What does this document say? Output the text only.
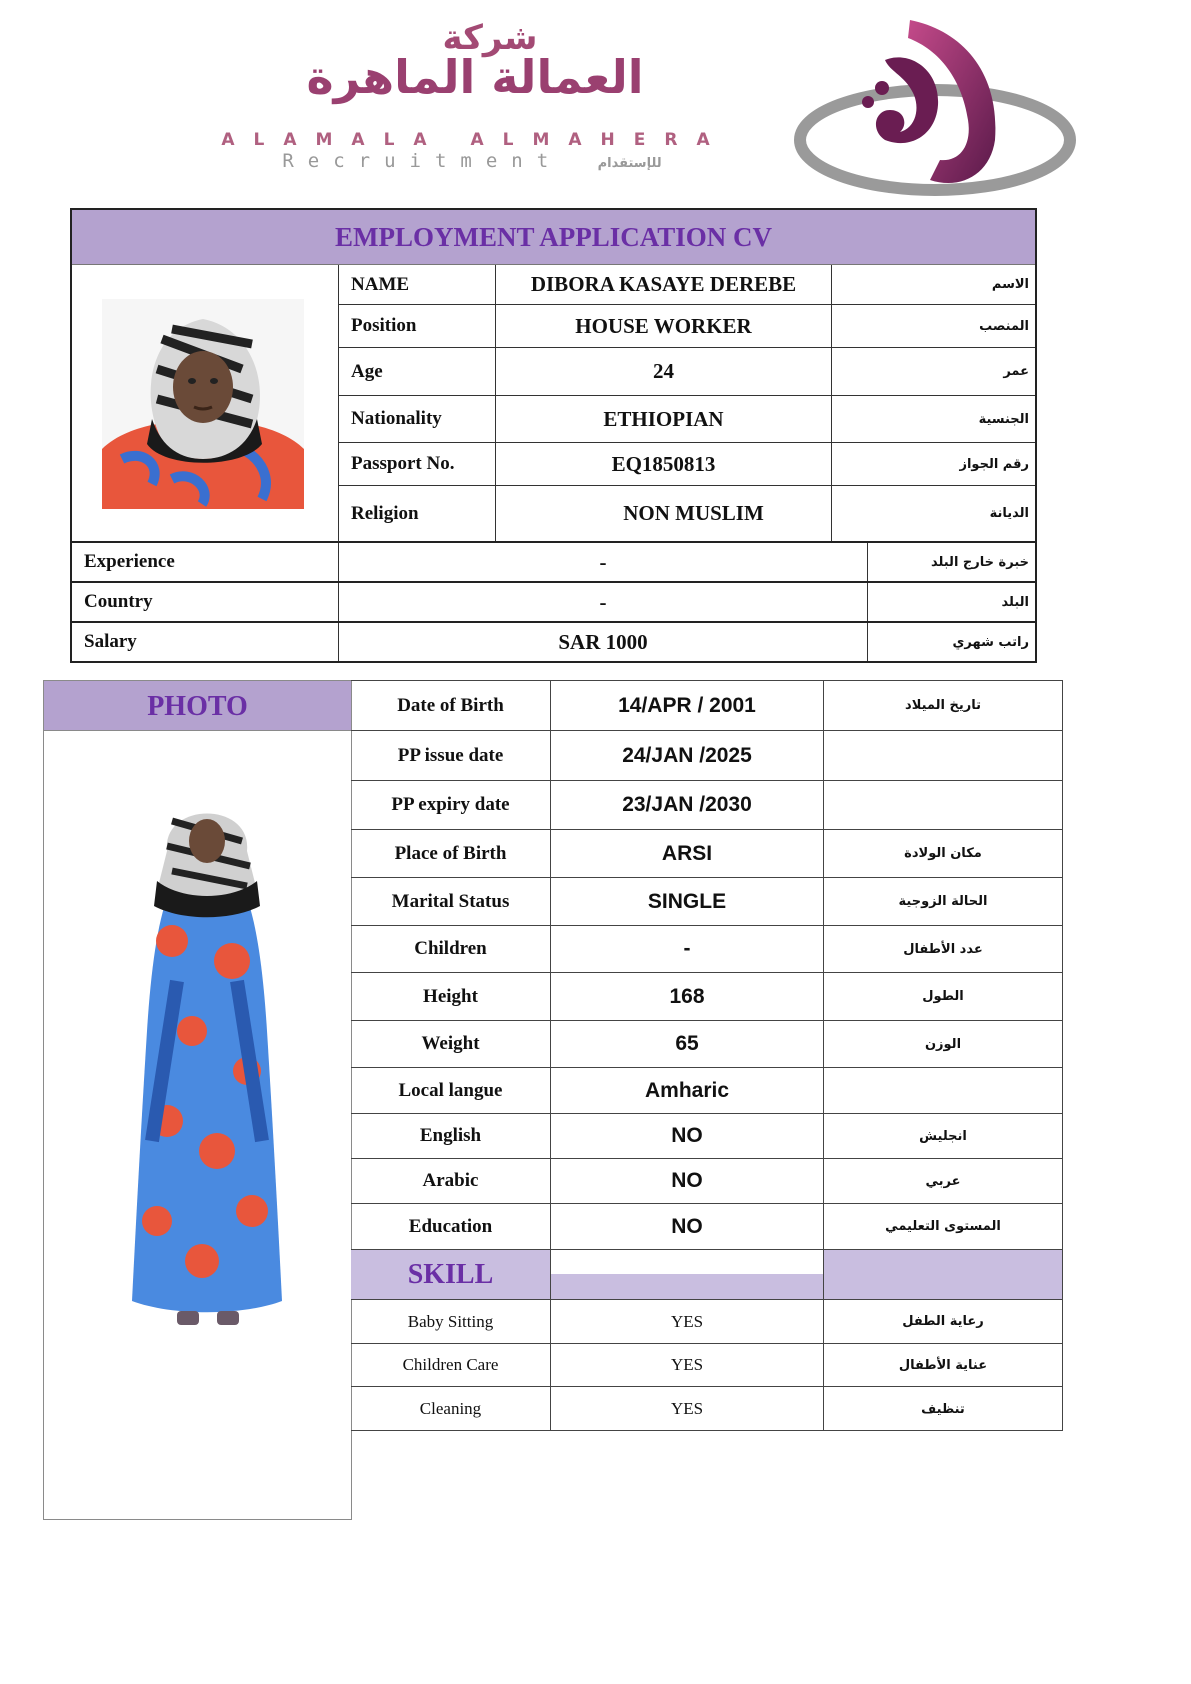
شركة
العمالة الماهرة
ALAMALA ALMAHERA
Recruitment	للإستقدام
EMPLOYMENT APPLICATION CV
NAME	DIBORA KASAYE DEREBE	الاسم
Position	HOUSE WORKER	المنصب
Age	24	عمر
Nationality	ETHIOPIAN	الجنسية
Passport No.	EQ1850813	رقم الجواز
Religion	NON MUSLIM	الديانة
Experience	-	خبرة خارج البلد
Country	-	البلد
Salary	SAR 1000	راتب شهري
PHOTO	Date of Birth	14/APR / 2001	تاريخ الميلاد
PP issue date	24/JAN /2025
PP expiry date	23/JAN /2030
Place of Birth	ARSI	مكان الولادة
Marital Status	SINGLE	الحالة الزوجية
Children	-	عدد الأطفال
Height	168	الطول
Weight	65	الوزن
Local langue	Amharic
English	NO	انجليش
Arabic	NO	عربي
Education	NO	المستوى التعليمي
SKILL
Baby Sitting	YES	رعاية الطفل
Children Care	YES	عناية الأطفال
Cleaning	YES	تنظيف
